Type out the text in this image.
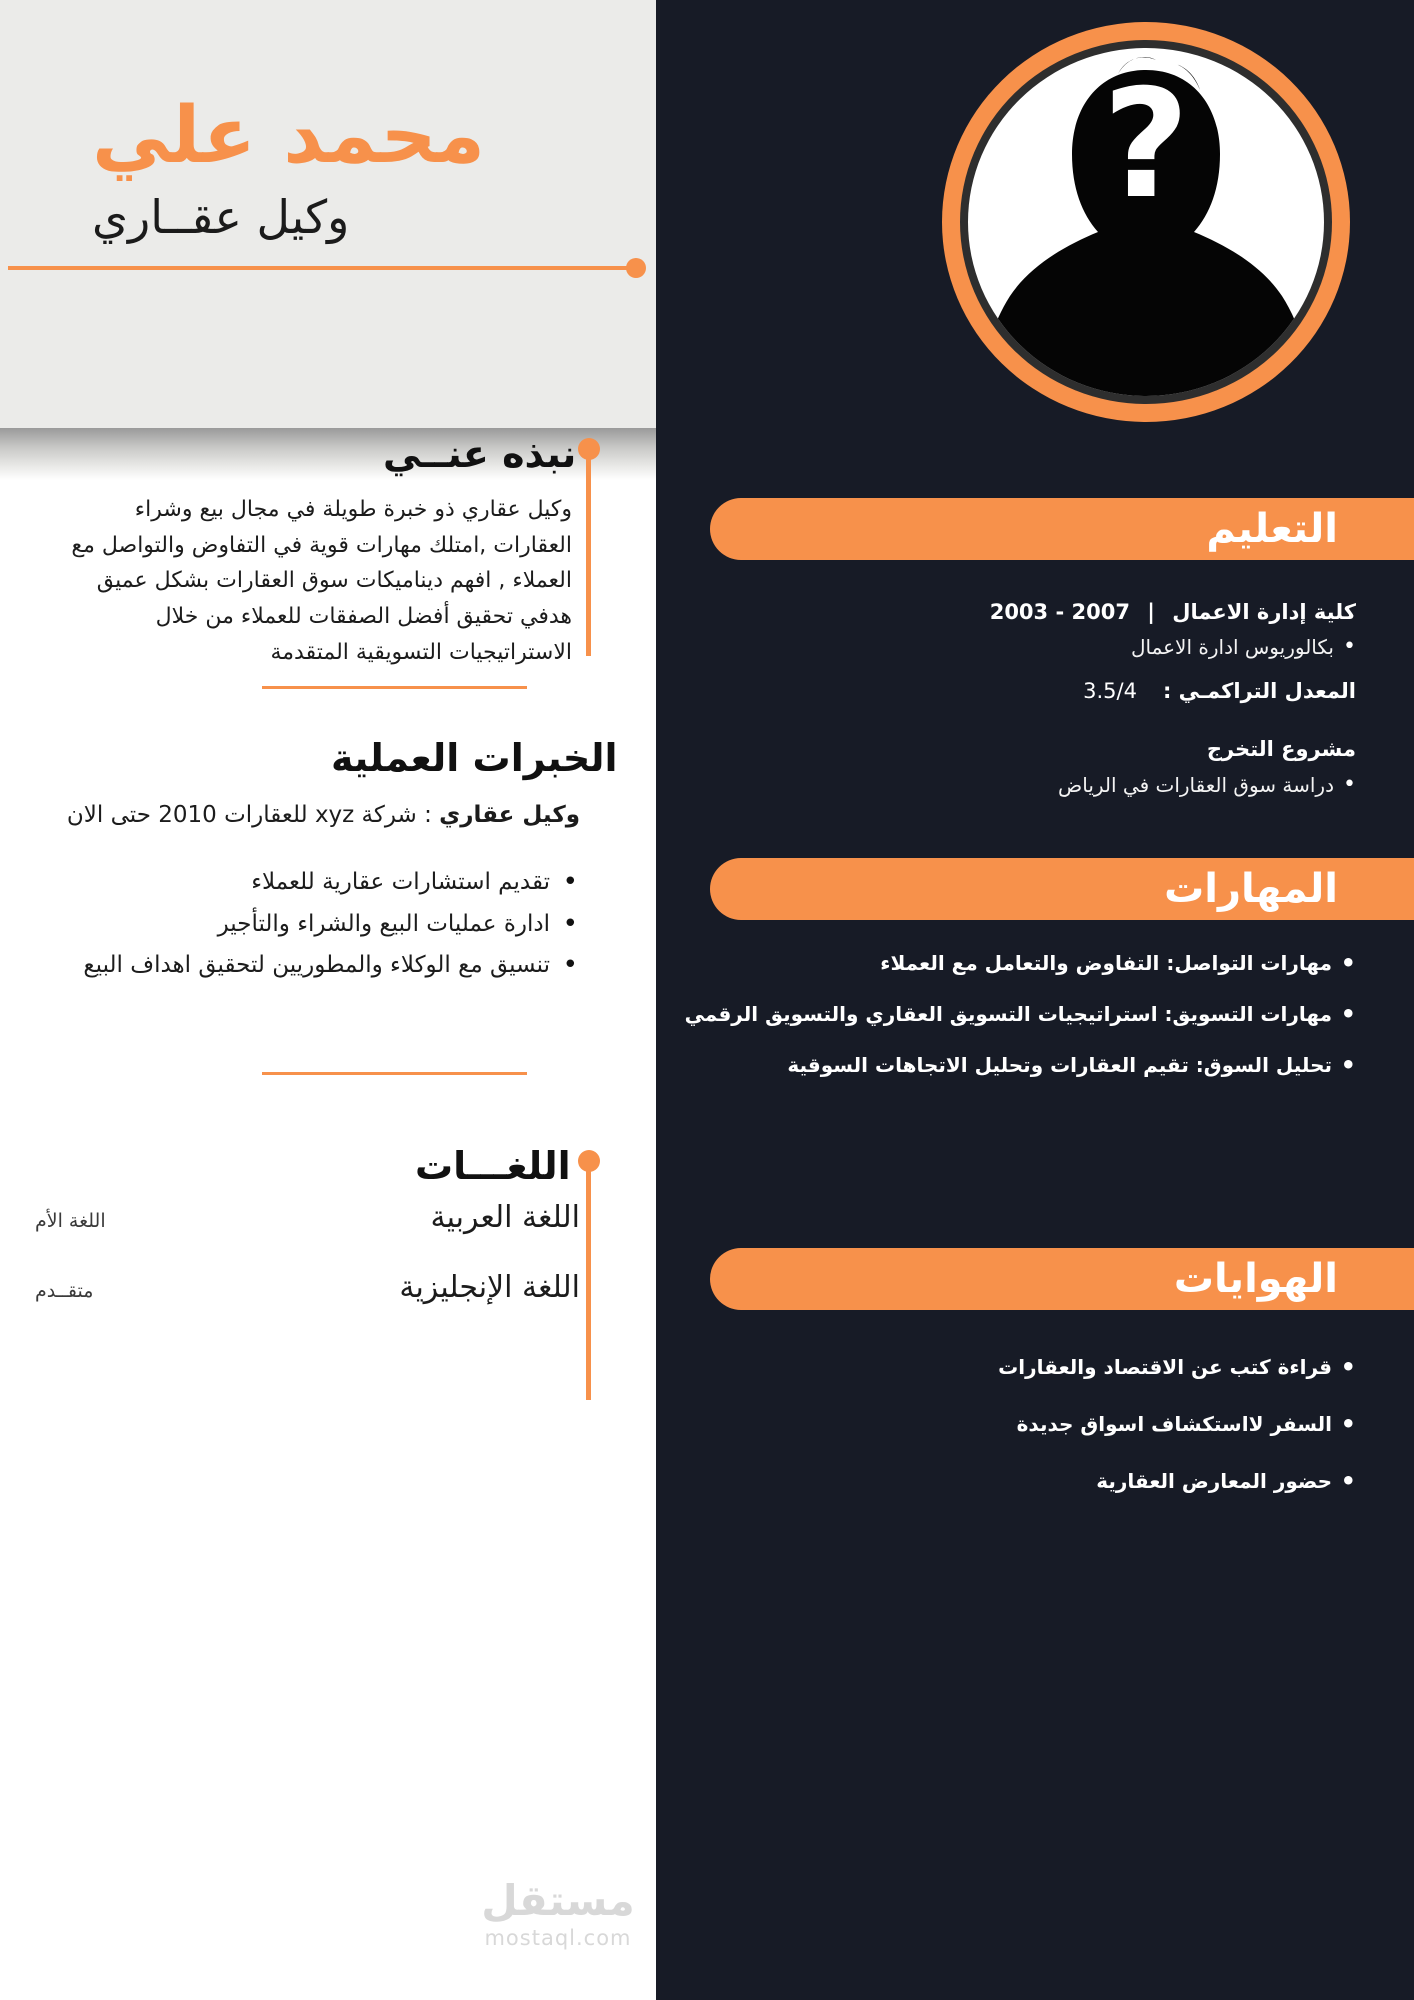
محمد علي
وكيل عقــاري	?
التعليم
كلية إدارة الاعمال | 2007 - 2003
• بكالوريوس ادارة الاعمال
المعدل التراكمـي :
3.5/4
مشروع التخرج
• دراسة سوق العقارات في الرياض
المهارات
• مهارات التواصل: التفاوض والتعامل مع العملاء
• مهارات التسويق: استراتيجيات التسويق العقاري والتسويق الرقمي
• تحليل السوق: تقيم العقارات وتحليل الاتجاهات السوقية
الهوايات
• قراءة كتب عن الاقتصاد والعقارات
• السفر لااستكشاف اسواق جديدة
• حضور المعارض العقارية
نبذه عنــي
وكيل عقاري ذو خبرة طويلة في مجال بيع وشراء العقارات ,امتلك مهارات قوية في التفاوض والتواصل مع العملاء , افهم ديناميكات سوق العقارات بشكل عميق هدفي تحقيق أفضل الصفقات للعملاء من خلال الاستراتيجيات التسويقية المتقدمة
الخبرات العملية
وكيل عقاري : شركة xyz للعقارات 2010 حتى الان
• تقديم استشارات عقارية للعملاء
• ادارة عمليات البيع والشراء والتأجير
• تنسيق مع الوكلاء والمطوريين لتحقيق اهداف البيع
اللغـــات
اللغة العربية
اللغة الأم
اللغة الإنجليزية
متقــدم
مستقل
mostaql.com
